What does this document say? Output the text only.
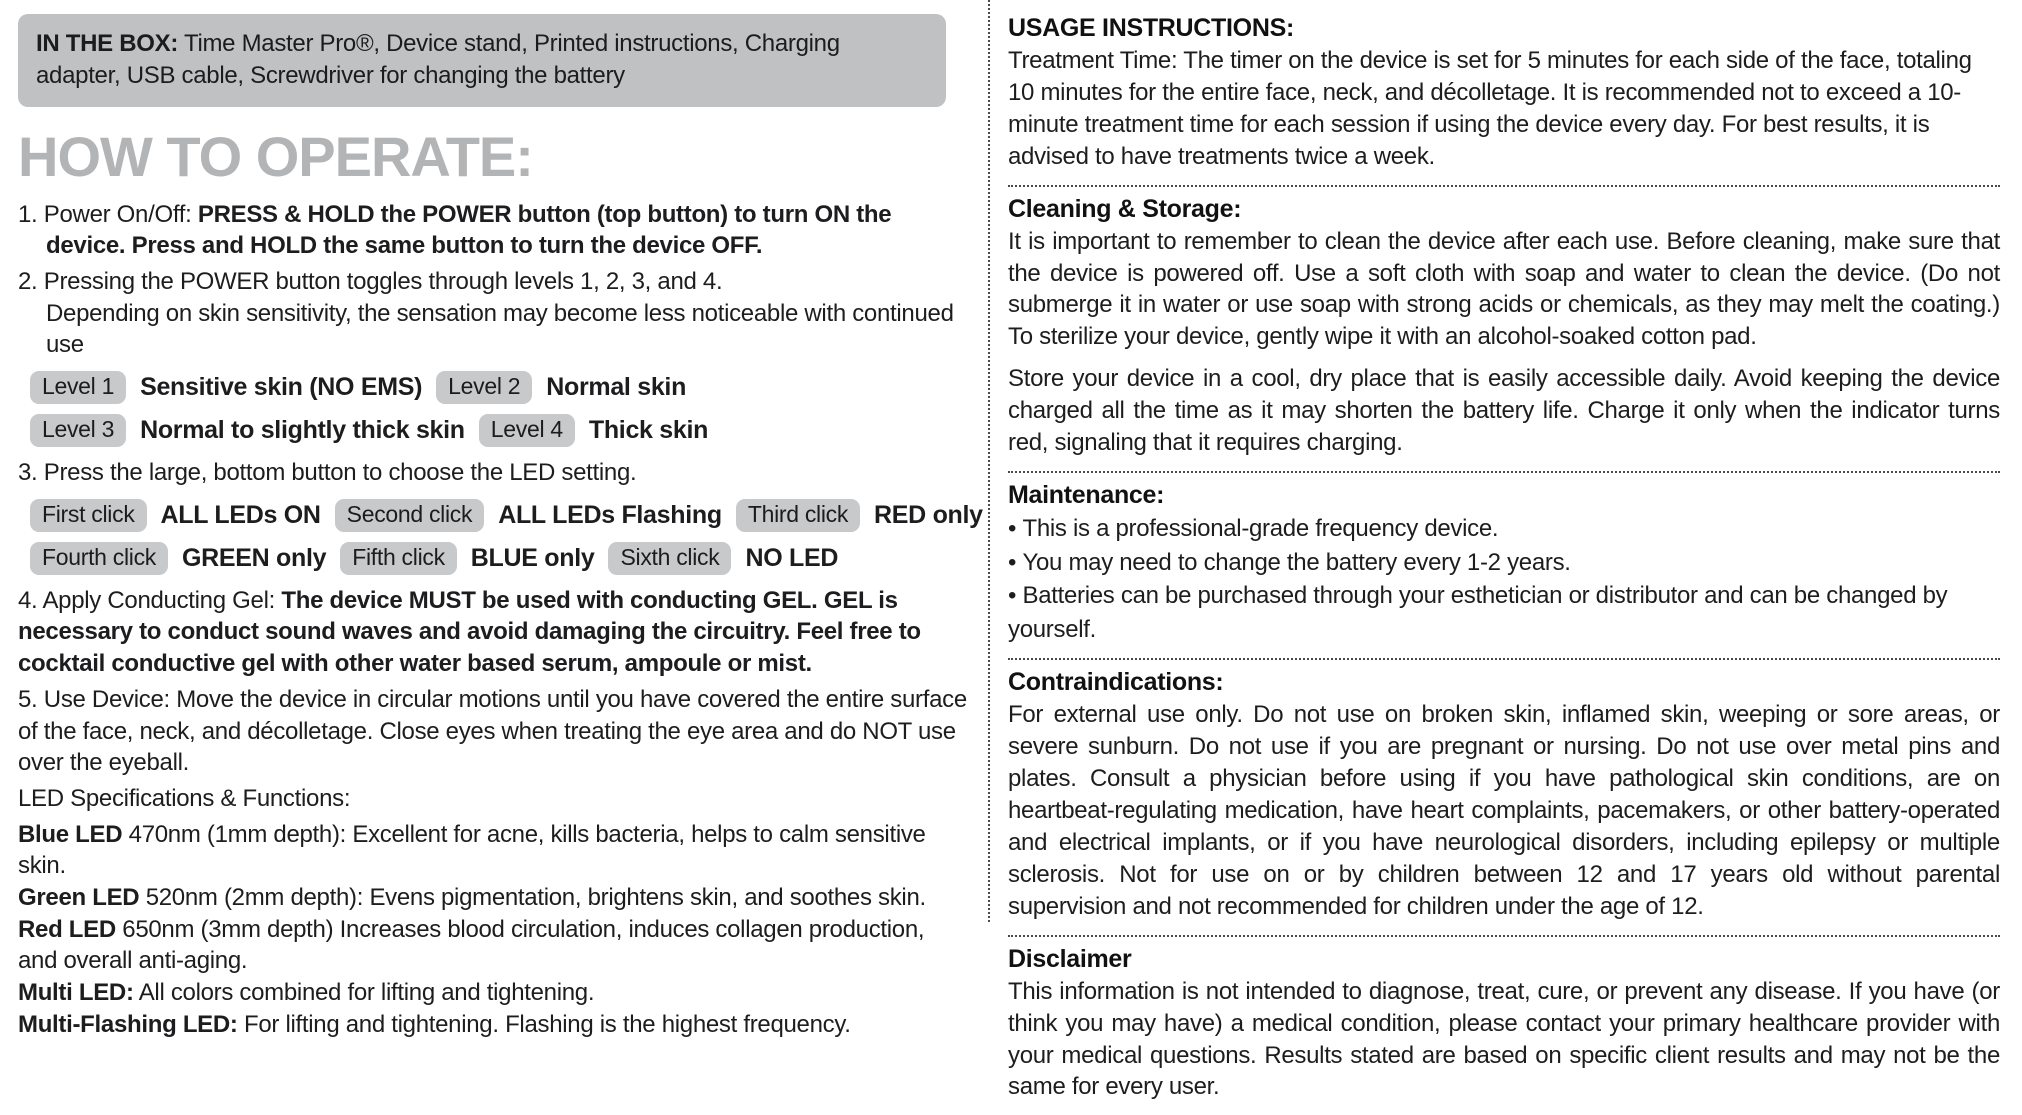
IN THE BOX: Time Master Pro®, Device stand, Printed instructions, Charging adapter, USB cable, Screwdriver for changing the battery
HOW TO OPERATE:

1. Power On/Off: PRESS & HOLD the POWER button (top button) to turn ON the device. Press and HOLD the same button to turn the device OFF.

2. Pressing the POWER button toggles through levels 1, 2, 3, and 4.
Depending on skin sensitivity, the sensation may become less noticeable with continued use
Level 1	Sensitive skin (NO EMS)	Level 2	Normal skin
Level 3	Normal to slightly thick skin	Level 4	Thick skin

3. Press the large, bottom button to choose the LED setting.

First click	ALL LEDs ON	Second click	ALL LEDs Flashing	Third click	RED only
Fourth click	GREEN only	Fifth click	BLUE only	Sixth click	NO LED

4. Apply Conducting Gel: The device MUST be used with conducting GEL. GEL is necessary to conduct sound waves and avoid damaging the circuitry. Feel free to cocktail conductive gel with other water based serum, ampoule or mist.

5. Use Device: Move the device in circular motions until you have covered the entire surface of the face, neck, and décolletage. Close eyes when treating the eye area and do NOT use over the eyeball.

LED Specifications & Functions:

Blue LED 470nm (1mm depth): Excellent for acne, kills bacteria, helps to calm sensitive skin.

Green LED 520nm (2mm depth): Evens pigmentation, brightens skin, and soothes skin.

Red LED 650nm (3mm depth) Increases blood circulation, induces collagen production, and overall anti-aging.

Multi LED: All colors combined for lifting and tightening.

Multi-Flashing LED: For lifting and tightening. Flashing is the highest frequency.

USAGE INSTRUCTIONS:

Treatment Time: The timer on the device is set for 5 minutes for each side of the face, totaling 10 minutes for the entire face, neck, and décolletage. It is recommended not to exceed a 10-minute treatment time for each session if using the device every day. For best results, it is advised to have treatments twice a week.

Cleaning & Storage:

It is important to remember to clean the device after each use. Before cleaning, make sure that the device is powered off. Use a soft cloth with soap and water to clean the device. (Do not submerge it in water or use soap with strong acids or chemicals, as they may melt the coating.) To sterilize your device, gently wipe it with an alcohol-soaked cotton pad.

Store your device in a cool, dry place that is easily accessible daily. Avoid keeping the device charged all the time as it may shorten the battery life. Charge it only when the indicator turns red, signaling that it requires charging.

Maintenance:
• This is a professional-grade frequency device.
• You may need to change the battery every 1-2 years.
• Batteries can be purchased through your esthetician or distributor and can be changed by yourself.
Contraindications:

For external use only. Do not use on broken skin, inflamed skin, weeping or sore areas, or severe sunburn. Do not use if you are pregnant or nursing. Do not use over metal pins and plates. Consult a physician before using if you have pathological skin conditions, are on heartbeat-regulating medication, have heart complaints, pacemakers, or other battery-operated and electrical implants, or if you have neurological disorders, including epilepsy or multiple sclerosis. Not for use on or by children between 12 and 17 years old without parental supervision and not recommended for children under the age of 12.

Disclaimer

This information is not intended to diagnose, treat, cure, or prevent any disease. If you have (or think you may have) a medical condition, please contact your primary healthcare provider with your medical questions. Results stated are based on specific client results and may not be the same for every user.
